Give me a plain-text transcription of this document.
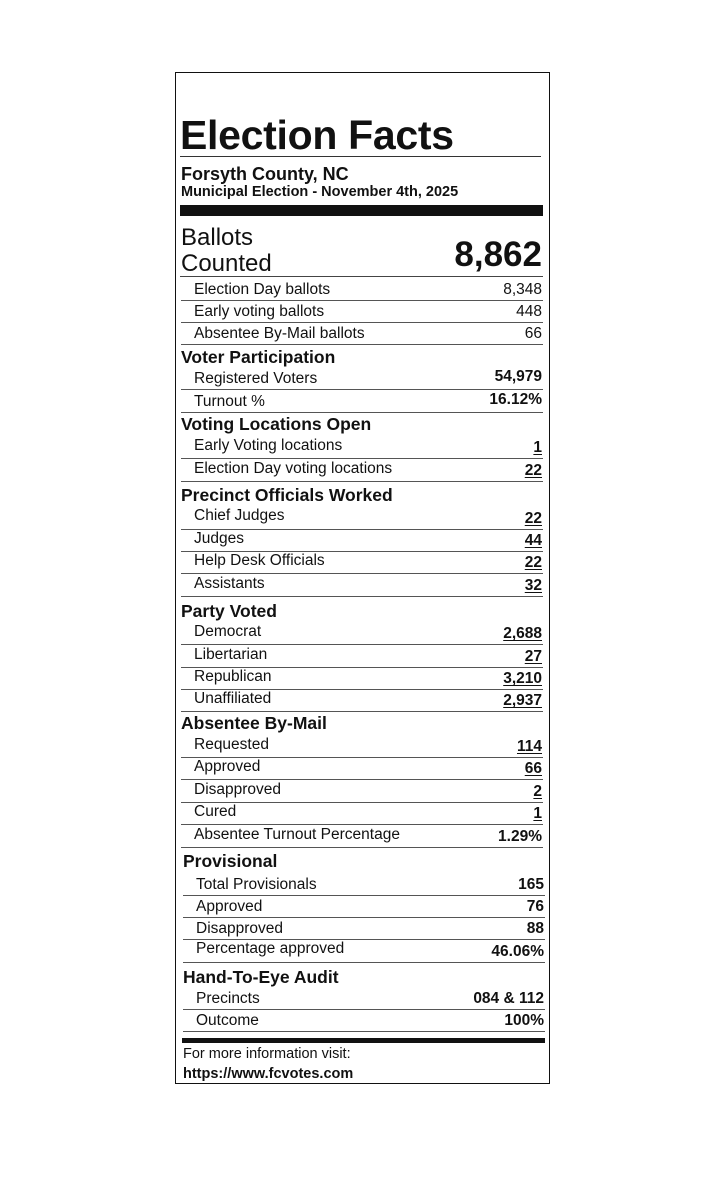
Election Facts
Forsyth County, NC
Municipal Election - November 4th, 2025
Ballots
Counted	8,862
Election Day ballots	8,348
Early voting ballots	448
Absentee By-Mail ballots	66
Voter Participation
Registered Voters	54,979
Turnout %	16.12%
Voting Locations Open
Early Voting locations	1
Election Day voting locations	22
Precinct Officials Worked
Chief Judges	22
Judges	44
Help Desk Officials	22
Assistants	32
Party Voted
Democrat	2,688
Libertarian	27
Republican	3,210
Unaffiliated	2,937
Absentee By-Mail
Requested	114
Approved	66
Disapproved	2
Cured	1
Absentee Turnout Percentage	1.29%
Provisional
Total Provisionals	165
Approved	76
Disapproved	88
Percentage approved	46.06%
Hand-To-Eye Audit
Precincts	084 & 112
Outcome	100%
For more information visit:
https://www.fcvotes.com
